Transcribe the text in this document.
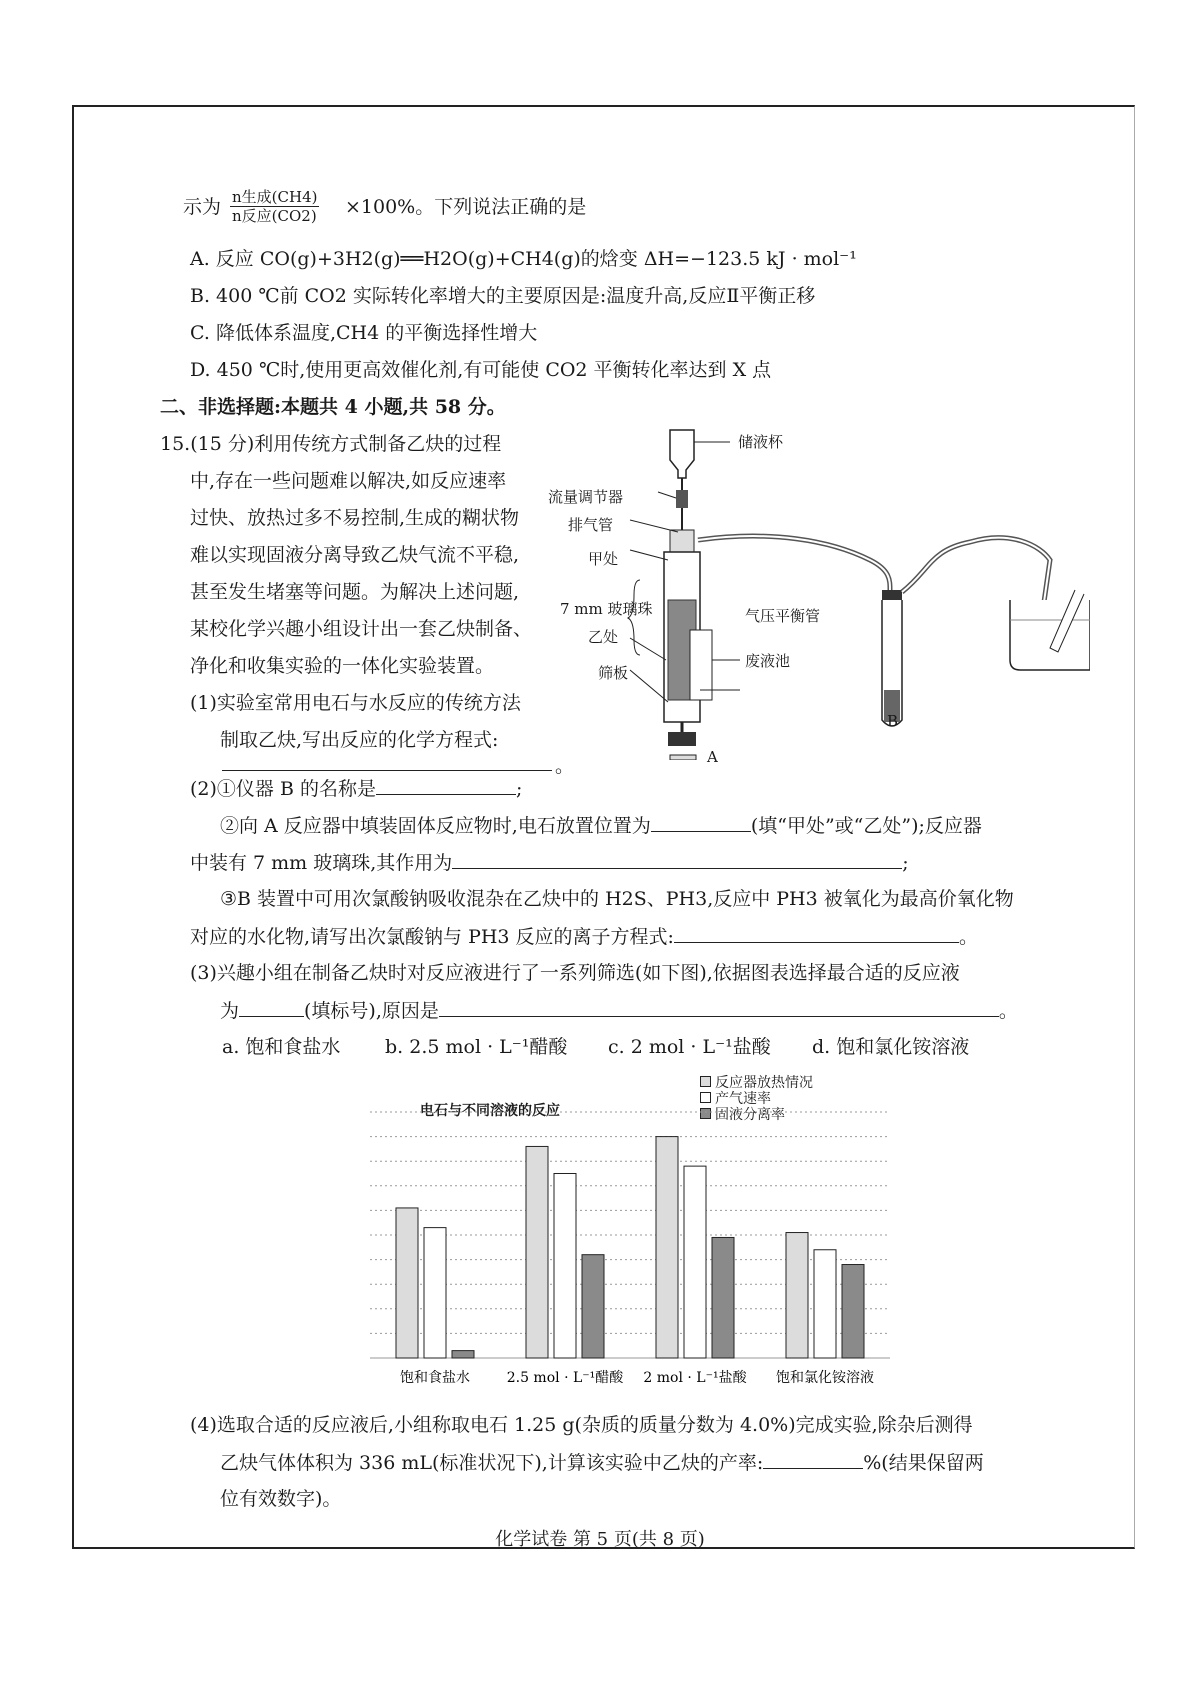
示为 n生成(CH4)
n反应(CO2) ×100%。下列说法正确的是
A. 反应 CO(g)+3H2(g)══H2O(g)+CH4(g)的焓变 ΔH=−123.5 kJ · mol⁻¹
B. 400 ℃前 CO2 实际转化率增大的主要原因是:温度升高,反应Ⅱ平衡正移
C. 降低体系温度,CH4 的平衡选择性增大
D. 450 ℃时,使用更高效催化剂,有可能使 CO2 平衡转化率达到 X 点
二、非选择题:本题共 4 小题,共 58 分。
15.(15 分)利用传统方式制备乙炔的过程
中,存在一些问题难以解决,如反应速率
过快、放热过多不易控制,生成的糊状物
难以实现固液分离导致乙炔气流不平稳,
甚至发生堵塞等问题。为解决上述问题,
某校化学兴趣小组设计出一套乙炔制备、
净化和收集实验的一体化实验装置。
(1)实验室常用电石与水反应的传统方法
制取乙炔,写出反应的化学方程式:
。
储液杯
流量调节器
排气管
甲处
7 mm 玻璃珠	气压平衡管
乙处
废液池
筛板
A
B
(2)①仪器 B 的名称是	;
②向 A 反应器中填装固体反应物时,电石放置位置为	(填“甲处”或“乙处”);反应器
中装有 7 mm 玻璃珠,其作用为	;
③B 装置中可用次氯酸钠吸收混杂在乙炔中的 H2S、PH3,反应中 PH3 被氧化为最高价氧化物
对应的水化物,请写出次氯酸钠与 PH3 反应的离子方程式:	。
(3)兴趣小组在制备乙炔时对反应液进行了一系列筛选(如下图),依据图表选择最合适的反应液
为	(填标号),原因是	。
a. 饱和食盐水 b. 2.5 mol · L⁻¹醋酸 c. 2 mol · L⁻¹盐酸 d. 饱和氯化铵溶液
电石与不同溶液的反应
反应器放热情况
产气速率
固液分离率
饱和食盐水	2.5 mol · L⁻¹醋酸 2 mol · L⁻¹盐酸 饱和氯化铵溶液
(4)选取合适的反应液后,小组称取电石 1.25 g(杂质的质量分数为 4.0%)完成实验,除杂后测得
乙炔气体体积为 336 mL(标准状况下),计算该实验中乙炔的产率:	%(结果保留两
位有效数字)。
化学试卷 第 5 页(共 8 页)
